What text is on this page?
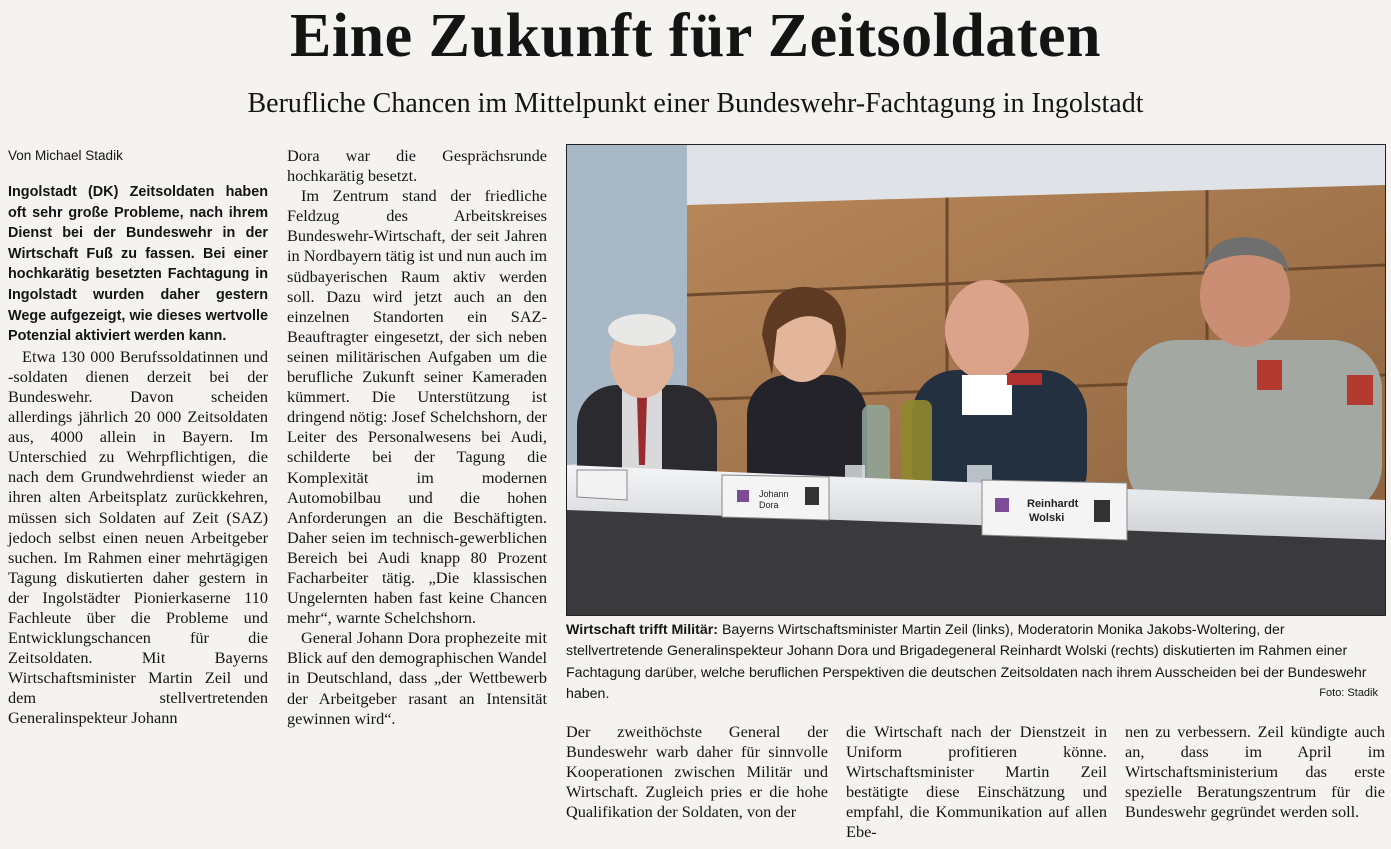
Eine Zukunft für Zeitsoldaten
Berufliche Chancen im Mittelpunkt einer Bundeswehr-Fachtagung in Ingolstadt
Von Michael Stadik

Ingolstadt (DK) Zeitsoldaten haben oft sehr große Probleme, nach ihrem Dienst bei der Bundeswehr in der Wirtschaft Fuß zu fassen. Bei einer hochkarätig besetzten Fachtagung in Ingolstadt wurden daher gestern Wege aufgezeigt, wie dieses wertvolle Potenzial aktiviert werden kann.

Etwa 130 000 Berufssoldatinnen und -soldaten dienen derzeit bei der Bundeswehr. Davon scheiden allerdings jährlich 20 000 Zeitsoldaten aus, 4000 allein in Bayern. Im Unterschied zu Wehrpflichtigen, die nach dem Grundwehrdienst wieder an ihren alten Arbeitsplatz zurückkehren, müssen sich Soldaten auf Zeit (SAZ) jedoch selbst einen neuen Arbeitgeber suchen. Im Rahmen einer mehrtägigen Tagung diskutierten daher gestern in der Ingolstädter Pionierkaserne 110 Fachleute über die Probleme und Entwicklungschancen für die Zeitsoldaten. Mit Bayerns Wirtschaftsminister Martin Zeil und dem stellvertretenden Generalinspekteur Johann

Dora war die Gesprächsrunde hochkarätig besetzt.

Im Zentrum stand der friedliche Feldzug des Arbeitskreises Bundeswehr-Wirtschaft, der seit Jahren in Nordbayern tätig ist und nun auch im südbayerischen Raum aktiv werden soll. Dazu wird jetzt auch an den einzelnen Standorten ein SAZ-Beauftragter eingesetzt, der sich neben seinen militärischen Aufgaben um die berufliche Zukunft seiner Kameraden kümmert. Die Unterstützung ist dringend nötig: Josef Schelchshorn, der Leiter des Personalwesens bei Audi, schilderte bei der Tagung die Komplexität im modernen Automobilbau und die hohen Anforderungen an die Beschäftigten. Daher seien im technisch-gewerblichen Bereich bei Audi knapp 80 Prozent Facharbeiter tätig. „Die klassischen Ungelernten haben fast keine Chancen mehr“, warnte Schelchshorn.

General Johann Dora prophezeite mit Blick auf den demographischen Wandel in Deutschland, dass „der Wettbewerb der Arbeitgeber rasant an Intensität gewinnen wird“.

Johann Dora	Reinhardt Wolski
Wirtschaft trifft Militär: Bayerns Wirtschaftsminister Martin Zeil (links), Moderatorin Monika Jakobs-Woltering, der stellvertretende Generalinspekteur Johann Dora und Brigadegeneral Reinhardt Wolski (rechts) diskutierten im Rahmen einer Fachtagung darüber, welche beruflichen Perspektiven die deutschen Zeitsoldaten nach ihrem Ausscheiden bei der Bundeswehr haben.	Foto: Stadik

Der zweithöchste General der Bundeswehr warb daher für sinnvolle Kooperationen zwischen Militär und Wirtschaft. Zugleich pries er die hohe Qualifikation der Soldaten, von der

die Wirtschaft nach der Dienstzeit in Uniform profitieren könne. Wirtschaftsminister Martin Zeil bestätigte diese Einschätzung und empfahl, die Kommunikation auf allen Ebe-

nen zu verbessern. Zeil kündigte auch an, dass im April im Wirtschaftsministerium das erste spezielle Beratungszentrum für die Bundeswehr gegründet werden soll.
